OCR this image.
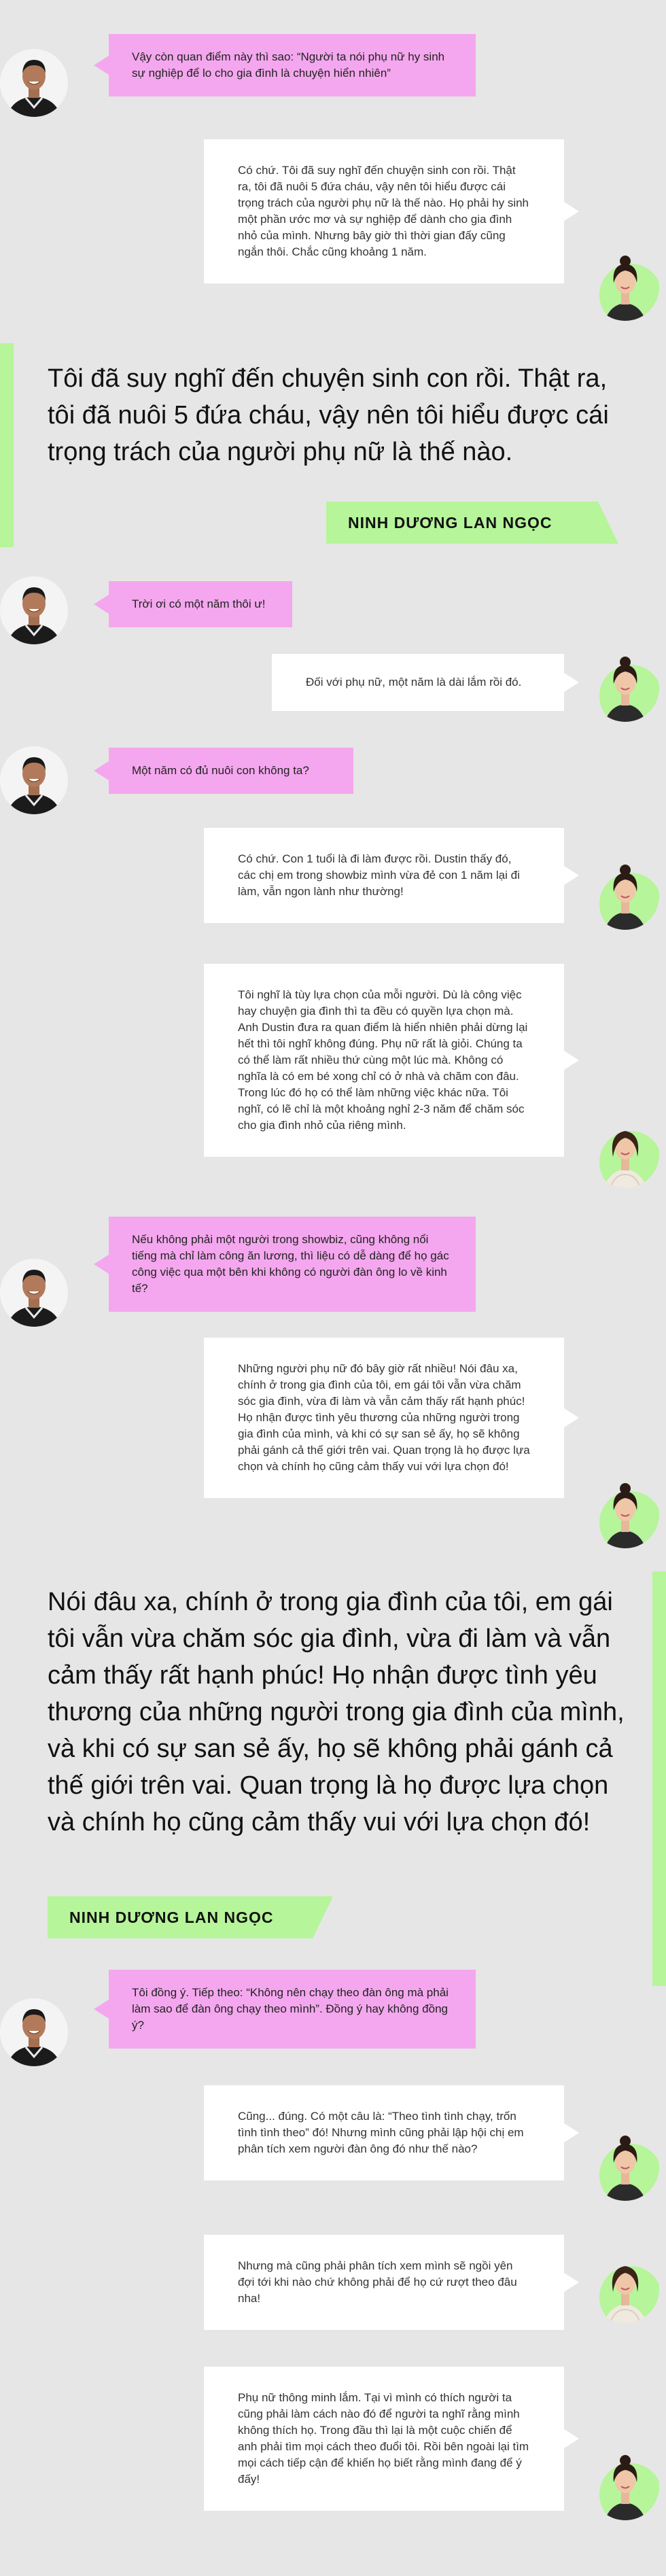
Vậy còn quan điểm này thì sao: “Người ta nói phụ nữ hy sinh sự nghiệp để lo cho gia đình là chuyện hiển nhiên”
Có chứ. Tôi đã suy nghĩ đến chuyện sinh con rồi. Thật ra, tôi đã nuôi 5 đứa cháu, vậy nên tôi hiểu được cái trọng trách của người phụ nữ là thế nào. Họ phải hy sinh một phần ước mơ và sự nghiệp để dành cho gia đình nhỏ của mình. Nhưng bây giờ thì thời gian đấy cũng ngắn thôi. Chắc cũng khoảng 1 năm.
Tôi đã suy nghĩ đến chuyện sinh con rồi. Thật ra, tôi đã nuôi 5 đứa cháu, vậy nên tôi hiểu được cái trọng trách của người phụ nữ là thế nào.
NINH DƯƠNG LAN NGỌC
Trời ơi có một năm thôi ư!
Đối với phụ nữ, một năm là dài lắm rồi đó.
Một năm có đủ nuôi con không ta?
Có chứ. Con 1 tuổi là đi làm được rồi. Dustin thấy đó, các chị em trong showbiz mình vừa đẻ con 1 năm lại đi làm, vẫn ngon lành như thường!
Tôi nghĩ là tùy lựa chọn của mỗi người. Dù là công việc hay chuyện gia đình thì ta đều có quyền lựa chọn mà. Anh Dustin đưa ra quan điểm là hiển nhiên phải dừng lại hết thì tôi nghĩ không đúng. Phụ nữ rất là giỏi. Chúng ta có thể làm rất nhiều thứ cùng một lúc mà. Không có nghĩa là có em bé xong chỉ có ở nhà và chăm con đâu. Trong lúc đó họ có thể làm những việc khác nữa. Tôi nghĩ, có lẽ chỉ là một khoảng nghỉ 2-3 năm để chăm sóc cho gia đình nhỏ của riêng mình.
Nếu không phải một người trong showbiz, cũng không nổi tiếng mà chỉ làm công ăn lương, thì liệu có dễ dàng để họ gác công việc qua một bên khi không có người đàn ông lo về kinh tế?
Những người phụ nữ đó bây giờ rất nhiều! Nói đâu xa, chính ở trong gia đình của tôi, em gái tôi vẫn vừa chăm sóc gia đình, vừa đi làm và vẫn cảm thấy rất hạnh phúc! Họ nhận được tình yêu thương của những người trong gia đình của mình, và khi có sự san sẻ ấy, họ sẽ không phải gánh cả thế giới trên vai. Quan trọng là họ được lựa chọn và chính họ cũng cảm thấy vui với lựa chọn đó!
Nói đâu xa, chính ở trong gia đình của tôi, em gái tôi vẫn vừa chăm sóc gia đình, vừa đi làm và vẫn cảm thấy rất hạnh phúc! Họ nhận được tình yêu thương của những người trong gia đình của mình, và khi có sự san sẻ ấy, họ sẽ không phải gánh cả thế giới trên vai. Quan trọng là họ được lựa chọn và chính họ cũng cảm thấy vui với lựa chọn đó!
NINH DƯƠNG LAN NGỌC
Tôi đồng ý. Tiếp theo: “Không nên chạy theo đàn ông mà phải làm sao để đàn ông chạy theo mình”. Đồng ý hay không đồng ý?
Cũng... đúng. Có một câu là: “Theo tình tình chạy, trốn tình tình theo” đó! Nhưng mình cũng phải lập hội chị em phân tích xem người đàn ông đó như thế nào?
Nhưng mà cũng phải phân tích xem mình sẽ ngồi yên đợi tới khi nào chứ không phải để họ cứ rượt theo đâu nha!
Phụ nữ thông minh lắm. Tại vì mình có thích người ta cũng phải làm cách nào đó để người ta nghĩ rằng mình không thích họ. Trong đầu thì lại là một cuộc chiến để anh phải tìm mọi cách theo đuổi tôi. Rồi bên ngoài lại tìm mọi cách tiếp cận để khiến họ biết rằng mình đang để ý đấy!
